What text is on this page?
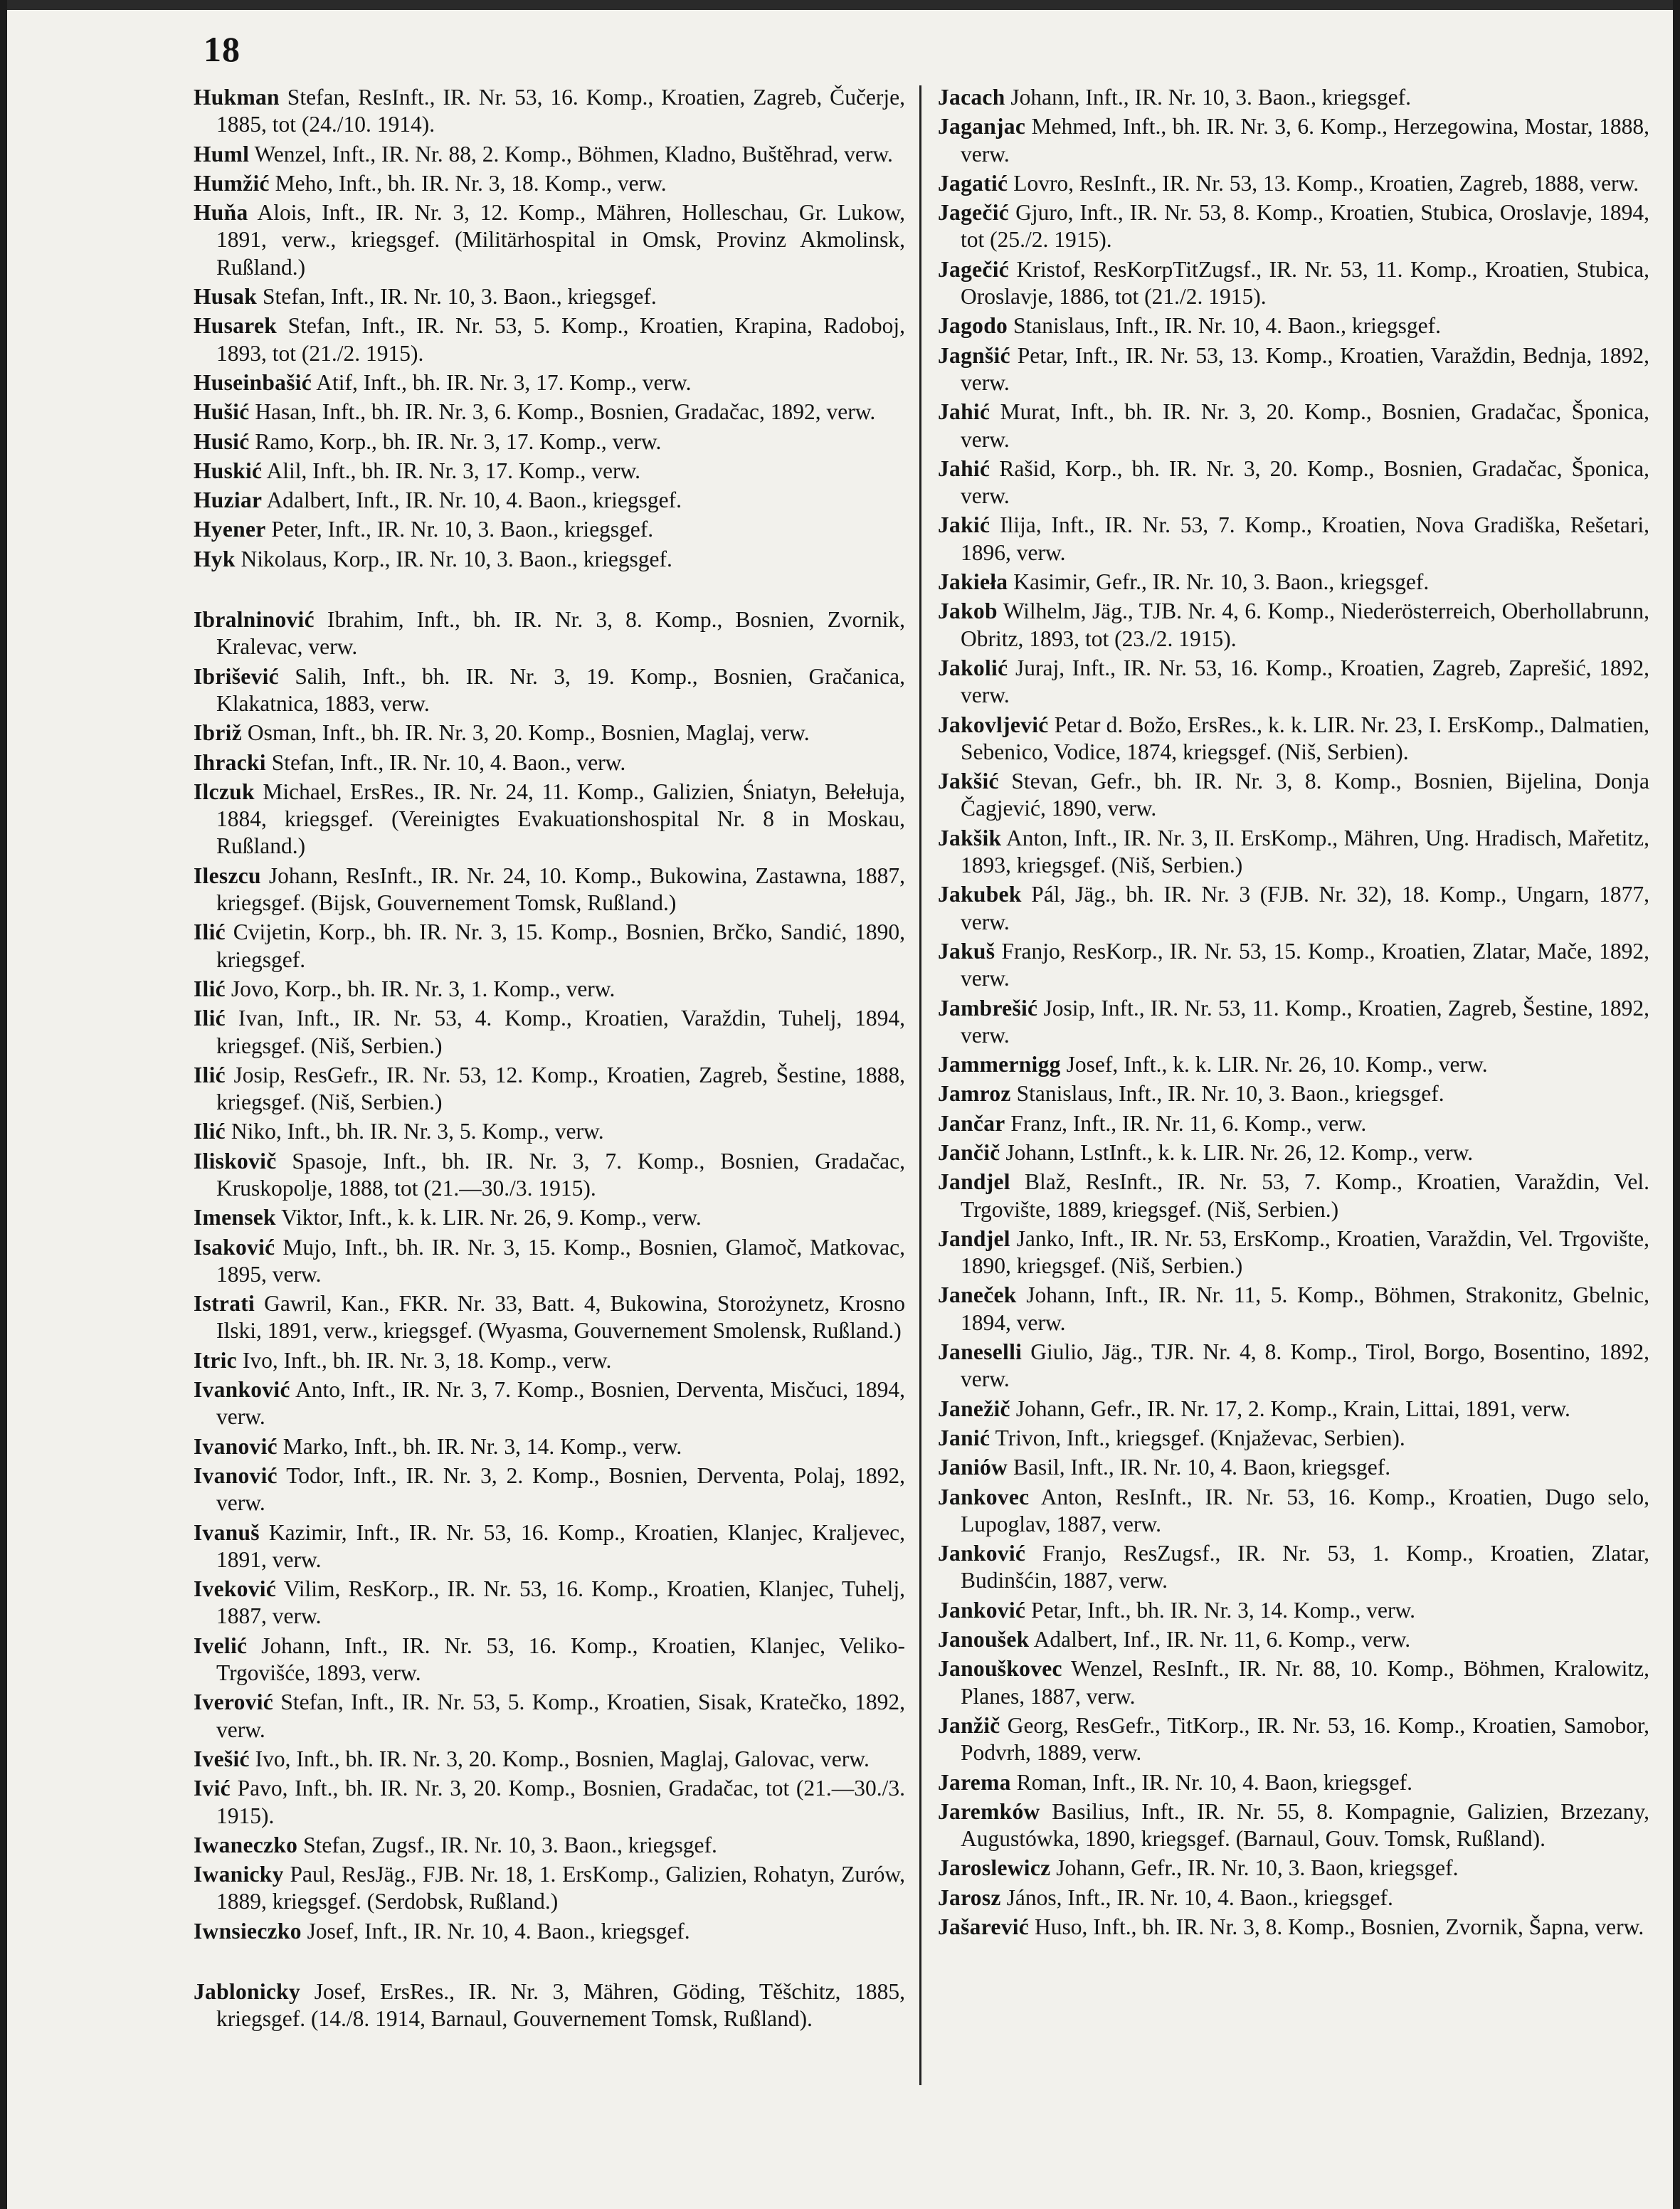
18

Hukman Stefan, ResInft., IR. Nr. 53, 16. Komp., Kroatien, Zagreb, Čučerje, 1885, tot (24./10. 1914).

Huml Wenzel, Inft., IR. Nr. 88, 2. Komp., Böhmen, Kladno, Buštěhrad, verw.

Humžić Meho, Inft., bh. IR. Nr. 3, 18. Komp., verw.

Huňa Alois, Inft., IR. Nr. 3, 12. Komp., Mähren, Holleschau, Gr. Lukow, 1891, verw., kriegsgef. (Militärhospital in Omsk, Provinz Akmolinsk, Rußland.)

Husak Stefan, Inft., IR. Nr. 10, 3. Baon., kriegsgef.

Husarek Stefan, Inft., IR. Nr. 53, 5. Komp., Kroatien, Krapina, Radoboj, 1893, tot (21./2. 1915).

Huseinbašić Atif, Inft., bh. IR. Nr. 3, 17. Komp., verw.

Hušić Hasan, Inft., bh. IR. Nr. 3, 6. Komp., Bosnien, Gradačac, 1892, verw.

Husić Ramo, Korp., bh. IR. Nr. 3, 17. Komp., verw.

Huskić Alil, Inft., bh. IR. Nr. 3, 17. Komp., verw.

Huziar Adalbert, Inft., IR. Nr. 10, 4. Baon., kriegsgef.

Hyener Peter, Inft., IR. Nr. 10, 3. Baon., kriegsgef.

Hyk Nikolaus, Korp., IR. Nr. 10, 3. Baon., kriegsgef.

Ibralninović Ibrahim, Inft., bh. IR. Nr. 3, 8. Komp., Bosnien, Zvornik, Kralevac, verw.

Ibrišević Salih, Inft., bh. IR. Nr. 3, 19. Komp., Bosnien, Gračanica, Klakatnica, 1883, verw.

Ibriž Osman, Inft., bh. IR. Nr. 3, 20. Komp., Bosnien, Maglaj, verw.

Ihracki Stefan, Inft., IR. Nr. 10, 4. Baon., verw.

Ilczuk Michael, ErsRes., IR. Nr. 24, 11. Komp., Galizien, Śniatyn, Bełełuja, 1884, kriegsgef. (Vereinigtes Evakuationshospital Nr. 8 in Moskau, Rußland.)

Ileszcu Johann, ResInft., IR. Nr. 24, 10. Komp., Bukowina, Zastawna, 1887, kriegsgef. (Bijsk, Gouvernement Tomsk, Rußland.)

Ilić Cvijetin, Korp., bh. IR. Nr. 3, 15. Komp., Bosnien, Brčko, Sandić, 1890, kriegsgef.

Ilić Jovo, Korp., bh. IR. Nr. 3, 1. Komp., verw.

Ilić Ivan, Inft., IR. Nr. 53, 4. Komp., Kroatien, Varaždin, Tuhelj, 1894, kriegsgef. (Niš, Serbien.)

Ilić Josip, ResGefr., IR. Nr. 53, 12. Komp., Kroatien, Zagreb, Šestine, 1888, kriegsgef. (Niš, Serbien.)

Ilić Niko, Inft., bh. IR. Nr. 3, 5. Komp., verw.

Iliskovič Spasoje, Inft., bh. IR. Nr. 3, 7. Komp., Bosnien, Gradačac, Kruskopolje, 1888, tot (21.—30./3. 1915).

Imensek Viktor, Inft., k. k. LIR. Nr. 26, 9. Komp., verw.

Isaković Mujo, Inft., bh. IR. Nr. 3, 15. Komp., Bosnien, Glamoč, Matkovac, 1895, verw.

Istrati Gawril, Kan., FKR. Nr. 33, Batt. 4, Bukowina, Storożynetz, Krosno Ilski, 1891, verw., kriegsgef. (Wyasma, Gouvernement Smolensk, Rußland.)

Itric Ivo, Inft., bh. IR. Nr. 3, 18. Komp., verw.

Ivanković Anto, Inft., IR. Nr. 3, 7. Komp., Bosnien, Derventa, Misčuci, 1894, verw.

Ivanović Marko, Inft., bh. IR. Nr. 3, 14. Komp., verw.

Ivanović Todor, Inft., IR. Nr. 3, 2. Komp., Bosnien, Derventa, Polaj, 1892, verw.

Ivanuš Kazimir, Inft., IR. Nr. 53, 16. Komp., Kroatien, Klanjec, Kraljevec, 1891, verw.

Iveković Vilim, ResKorp., IR. Nr. 53, 16. Komp., Kroatien, Klanjec, Tuhelj, 1887, verw.

Ivelić Johann, Inft., IR. Nr. 53, 16. Komp., Kroatien, Klanjec, Veliko-Trgovišće, 1893, verw.

Iverović Stefan, Inft., IR. Nr. 53, 5. Komp., Kroatien, Sisak, Kratečko, 1892, verw.

Ivešić Ivo, Inft., bh. IR. Nr. 3, 20. Komp., Bosnien, Maglaj, Galovac, verw.

Ivić Pavo, Inft., bh. IR. Nr. 3, 20. Komp., Bosnien, Gradačac, tot (21.—30./3. 1915).

Iwaneczko Stefan, Zugsf., IR. Nr. 10, 3. Baon., kriegsgef.

Iwanicky Paul, ResJäg., FJB. Nr. 18, 1. ErsKomp., Galizien, Rohatyn, Zurów, 1889, kriegsgef. (Serdobsk, Rußland.)

Iwnsieczko Josef, Inft., IR. Nr. 10, 4. Baon., kriegsgef.

Jablonicky Josef, ErsRes., IR. Nr. 3, Mähren, Göding, Těšchitz, 1885, kriegsgef. (14./8. 1914, Barnaul, Gouvernement Tomsk, Rußland).

Jacach Johann, Inft., IR. Nr. 10, 3. Baon., kriegsgef.

Jaganjac Mehmed, Inft., bh. IR. Nr. 3, 6. Komp., Herzegowina, Mostar, 1888, verw.

Jagatić Lovro, ResInft., IR. Nr. 53, 13. Komp., Kroatien, Zagreb, 1888, verw.

Jagečić Gjuro, Inft., IR. Nr. 53, 8. Komp., Kroatien, Stubica, Oroslavje, 1894, tot (25./2. 1915).

Jagečić Kristof, ResKorpTitZugsf., IR. Nr. 53, 11. Komp., Kroatien, Stubica, Oroslavje, 1886, tot (21./2. 1915).

Jagodo Stanislaus, Inft., IR. Nr. 10, 4. Baon., kriegsgef.

Jagnšić Petar, Inft., IR. Nr. 53, 13. Komp., Kroatien, Varaždin, Bednja, 1892, verw.

Jahić Murat, Inft., bh. IR. Nr. 3, 20. Komp., Bosnien, Gradačac, Šponica, verw.

Jahić Rašid, Korp., bh. IR. Nr. 3, 20. Komp., Bosnien, Gradačac, Šponica, verw.

Jakić Ilija, Inft., IR. Nr. 53, 7. Komp., Kroatien, Nova Gradiška, Rešetari, 1896, verw.

Jakieła Kasimir, Gefr., IR. Nr. 10, 3. Baon., kriegsgef.

Jakob Wilhelm, Jäg., TJB. Nr. 4, 6. Komp., Niederösterreich, Oberhollabrunn, Obritz, 1893, tot (23./2. 1915).

Jakolić Juraj, Inft., IR. Nr. 53, 16. Komp., Kroatien, Zagreb, Zaprešić, 1892, verw.

Jakovljević Petar d. Božo, ErsRes., k. k. LIR. Nr. 23, I. ErsKomp., Dalmatien, Sebenico, Vodice, 1874, kriegsgef. (Niš, Serbien).

Jakšić Stevan, Gefr., bh. IR. Nr. 3, 8. Komp., Bosnien, Bijelina, Donja Čagjević, 1890, verw.

Jakšik Anton, Inft., IR. Nr. 3, II. ErsKomp., Mähren, Ung. Hradisch, Mařetitz, 1893, kriegsgef. (Niš, Serbien.)

Jakubek Pál, Jäg., bh. IR. Nr. 3 (FJB. Nr. 32), 18. Komp., Ungarn, 1877, verw.

Jakuš Franjo, ResKorp., IR. Nr. 53, 15. Komp., Kroatien, Zlatar, Mače, 1892, verw.

Jambrešić Josip, Inft., IR. Nr. 53, 11. Komp., Kroatien, Zagreb, Šestine, 1892, verw.

Jammernigg Josef, Inft., k. k. LIR. Nr. 26, 10. Komp., verw.

Jamroz Stanislaus, Inft., IR. Nr. 10, 3. Baon., kriegsgef.

Jančar Franz, Inft., IR. Nr. 11, 6. Komp., verw.

Jančič Johann, LstInft., k. k. LIR. Nr. 26, 12. Komp., verw.

Jandjel Blaž, ResInft., IR. Nr. 53, 7. Komp., Kroatien, Varaždin, Vel. Trgovište, 1889, kriegsgef. (Niš, Serbien.)

Jandjel Janko, Inft., IR. Nr. 53, ErsKomp., Kroatien, Varaždin, Vel. Trgovište, 1890, kriegsgef. (Niš, Serbien.)

Janeček Johann, Inft., IR. Nr. 11, 5. Komp., Böhmen, Strakonitz, Gbelnic, 1894, verw.

Janeselli Giulio, Jäg., TJR. Nr. 4, 8. Komp., Tirol, Borgo, Bosentino, 1892, verw.

Janežič Johann, Gefr., IR. Nr. 17, 2. Komp., Krain, Littai, 1891, verw.

Janić Trivon, Inft., kriegsgef. (Knjaževac, Serbien).

Janiów Basil, Inft., IR. Nr. 10, 4. Baon, kriegsgef.

Jankovec Anton, ResInft., IR. Nr. 53, 16. Komp., Kroatien, Dugo selo, Lupoglav, 1887, verw.

Janković Franjo, ResZugsf., IR. Nr. 53, 1. Komp., Kroatien, Zlatar, Budinšćin, 1887, verw.

Janković Petar, Inft., bh. IR. Nr. 3, 14. Komp., verw.

Janoušek Adalbert, Inf., IR. Nr. 11, 6. Komp., verw.

Janouškovec Wenzel, ResInft., IR. Nr. 88, 10. Komp., Böhmen, Kralowitz, Planes, 1887, verw.

Janžič Georg, ResGefr., TitKorp., IR. Nr. 53, 16. Komp., Kroatien, Samobor, Podvrh, 1889, verw.

Jarema Roman, Inft., IR. Nr. 10, 4. Baon, kriegsgef.

Jaremków Basilius, Inft., IR. Nr. 55, 8. Kompagnie, Galizien, Brzezany, Augustówka, 1890, kriegsgef. (Barnaul, Gouv. Tomsk, Rußland).

Jaroslewicz Johann, Gefr., IR. Nr. 10, 3. Baon, kriegsgef.

Jarosz János, Inft., IR. Nr. 10, 4. Baon., kriegsgef.

Jašarević Huso, Inft., bh. IR. Nr. 3, 8. Komp., Bosnien, Zvornik, Šapna, verw.
